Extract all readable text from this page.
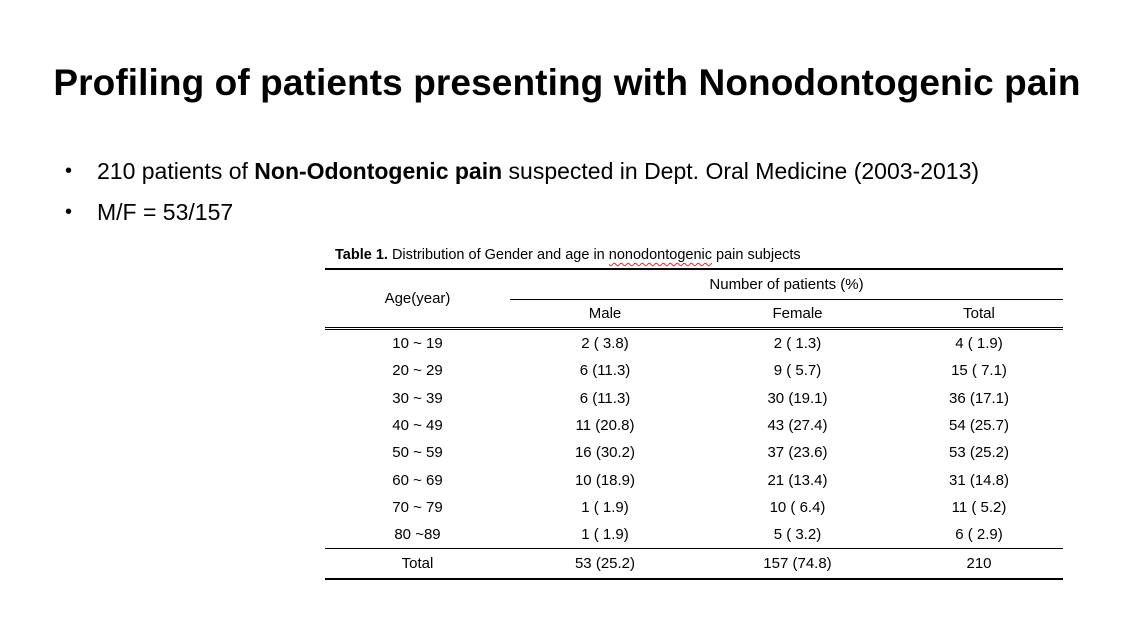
Profiling of patients presenting with Nonodontogenic pain
• 210 patients of Non-Odontogenic pain suspected in Dept. Oral Medicine (2003-2013)
• M/F = 53/157
Table 1. Distribution of Gender and age in nonodontogenic pain subjects
Age(year)	Number of patients (%)		
	Male	Female	Total
10 ~ 19	2 ( 3.8)	2 ( 1.3)	4 ( 1.9)
20 ~ 29	6 (11.3)	9 ( 5.7)	15 ( 7.1)
30 ~ 39	6 (11.3)	30 (19.1)	36 (17.1)
40 ~ 49	11 (20.8)	43 (27.4)	54 (25.7)
50 ~ 59	16 (30.2)	37 (23.6)	53 (25.2)
60 ~ 69	10 (18.9)	21 (13.4)	31 (14.8)
70 ~ 79	1 ( 1.9)	10 ( 6.4)	11 ( 5.2)
80 ~89	1 ( 1.9)	5 ( 3.2)	6 ( 2.9)
Total	53 (25.2)	157 (74.8)	210
